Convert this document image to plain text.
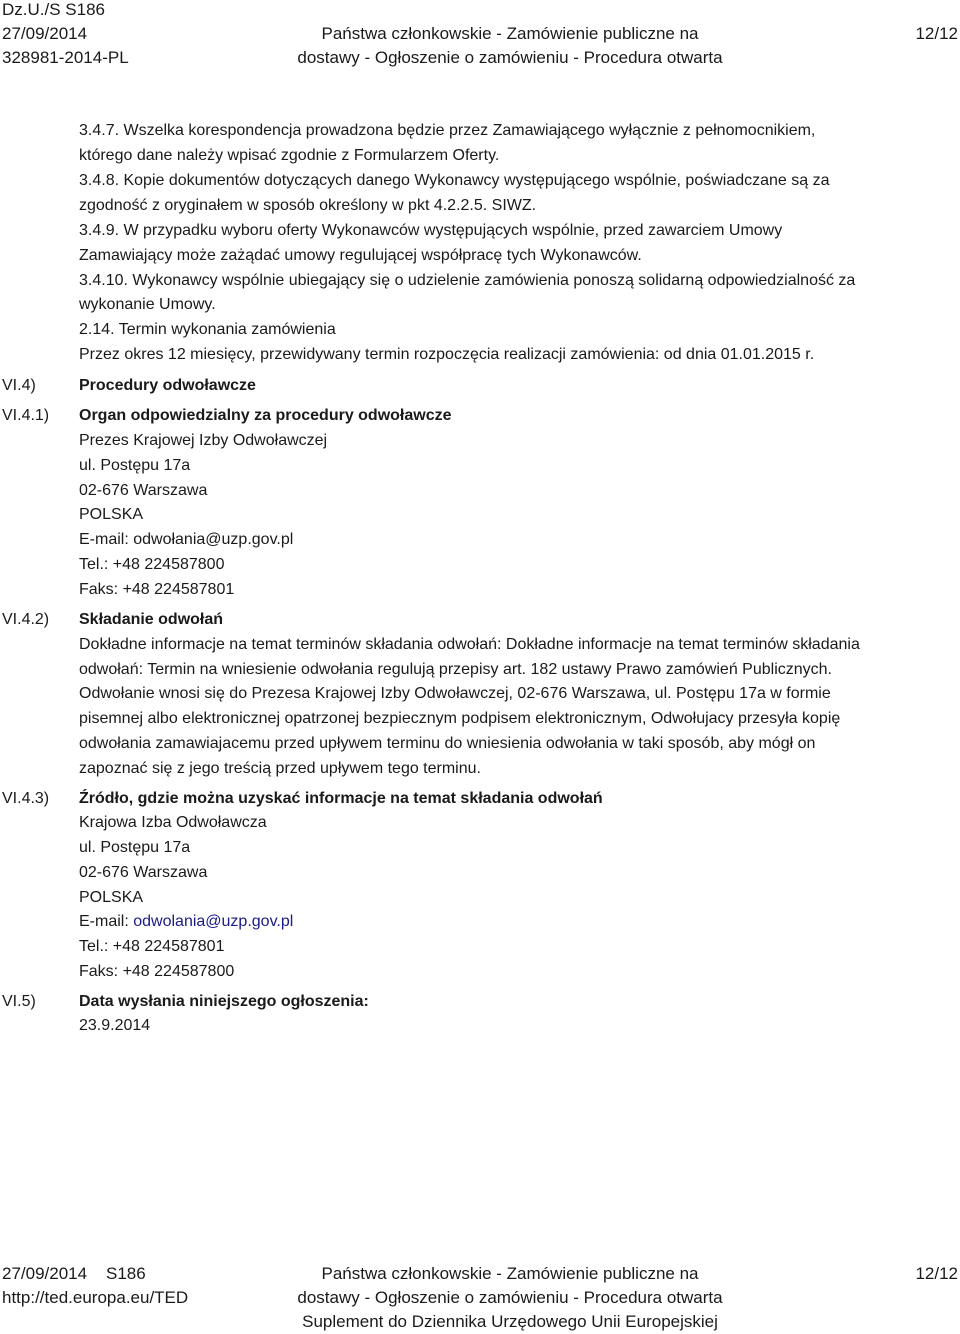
Dz.U./S S186
27/09/2014
328981-2014-PL
Państwa członkowskie - Zamówienie publiczne na
dostawy - Ogłoszenie o zamówieniu - Procedura otwarta
12/12
3.4.7. Wszelka korespondencja prowadzona będzie przez Zamawiającego wyłącznie z pełnomocnikiem,
którego dane należy wpisać zgodnie z Formularzem Oferty.
3.4.8. Kopie dokumentów dotyczących danego Wykonawcy występującego wspólnie, poświadczane są za
zgodność z oryginałem w sposób określony w pkt 4.2.2.5. SIWZ.
3.4.9. W przypadku wyboru oferty Wykonawców występujących wspólnie, przed zawarciem Umowy
Zamawiający może zażądać umowy regulującej współpracę tych Wykonawców.
3.4.10. Wykonawcy wspólnie ubiegający się o udzielenie zamówienia ponoszą solidarną odpowiedzialność za
wykonanie Umowy.
2.14. Termin wykonania zamówienia
Przez okres 12 miesięcy, przewidywany termin rozpoczęcia realizacji zamówienia: od dnia 01.01.2015 r.
VI.4)	Procedury odwoławcze
VI.4.1) Organ odpowiedzialny za procedury odwoławcze
Prezes Krajowej Izby Odwoławczej
ul. Postępu 17a
02-676 Warszawa
POLSKA
E-mail: odwołania@uzp.gov.pl
Tel.: +48 224587800
Faks: +48 224587801
VI.4.2) Składanie odwołań
Dokładne informacje na temat terminów składania odwołań: Dokładne informacje na temat terminów składania
odwołań: Termin na wniesienie odwołania regulują przepisy art. 182 ustawy Prawo zamówień Publicznych.
Odwołanie wnosi się do Prezesa Krajowej Izby Odwoławczej, 02-676 Warszawa, ul. Postępu 17a w formie
pisemnej albo elektronicznej opatrzonej bezpiecznym podpisem elektronicznym, Odwołujacy przesyła kopię
odwołania zamawiajacemu przed upływem terminu do wniesienia odwołania w taki sposób, aby mógł on
zapoznać się z jego treścią przed upływem tego terminu.
VI.4.3) Źródło, gdzie można uzyskać informacje na temat składania odwołań
Krajowa Izba Odwoławcza
ul. Postępu 17a
02-676 Warszawa
POLSKA
E-mail: odwolania@uzp.gov.pl
Tel.: +48 224587801
Faks: +48 224587800
VI.5)	Data wysłania niniejszego ogłoszenia:
23.9.2014
27/09/2014    S186
http://ted.europa.eu/TED
Państwa członkowskie - Zamówienie publiczne na
dostawy - Ogłoszenie o zamówieniu - Procedura otwarta
Suplement do Dziennika Urzędowego Unii Europejskiej
12/12
